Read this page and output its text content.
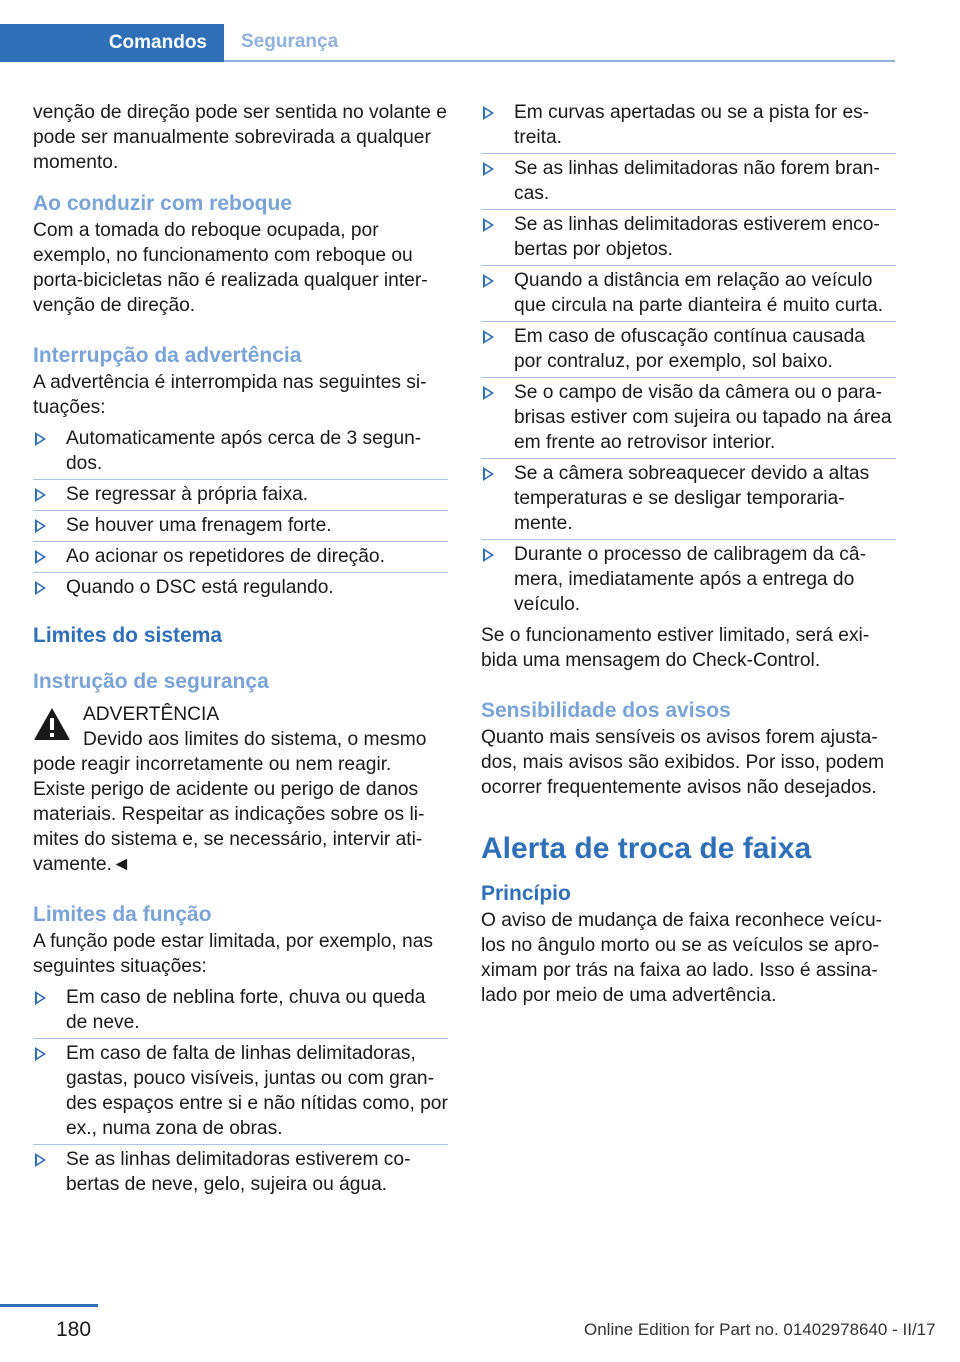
Comandos	Segurança

venção de direção pode ser sentida no volante e pode ser manualmente sobrevirada a qualquer momento.

Ao conduzir com reboque

Com a tomada do reboque ocupada, por exemplo, no funcionamento com reboque ou porta-bicicletas não é realizada qualquer intervenção de direção.

Interrupção da advertência

A advertência é interrompida nas seguintes situações:

Automaticamente após cerca de 3 segundos.
Se regressar à própria faixa.
Se houver uma frenagem forte.
Ao acionar os repetidores de direção.
Quando o DSC está regulando.
Limites do sistema
Instrução de segurança

ADVERTÊNCIA

Devido aos limites do sistema, o mesmo

pode reagir incorretamente ou nem reagir. Existe perigo de acidente ou perigo de danos materiais. Respeitar as indicações sobre os limites do sistema e, se necessário, intervir ativamente.◄

Limites da função

A função pode estar limitada, por exemplo, nas seguintes situações:

Em caso de neblina forte, chuva ou queda de neve.
Em caso de falta de linhas delimitadoras, gastas, pouco visíveis, juntas ou com grandes espaços entre si e não nítidas como, por ex., numa zona de obras.
Se as linhas delimitadoras estiverem cobertas de neve, gelo, sujeira ou água.
Em curvas apertadas ou se a pista for estreita.
Se as linhas delimitadoras não forem brancas.
Se as linhas delimitadoras estiverem encobertas por objetos.
Quando a distância em relação ao veículo que circula na parte dianteira é muito curta.
Em caso de ofuscação contínua causada por contraluz, por exemplo, sol baixo.
Se o campo de visão da câmera ou o para-brisas estiver com sujeira ou tapado na área em frente ao retrovisor interior.
Se a câmera sobreaquecer devido a altas temperaturas e se desligar temporariamente.
Durante o processo de calibragem da câmera, imediatamente após a entrega do veículo.

Se o funcionamento estiver limitado, será exibida uma mensagem do Check-Control.

Sensibilidade dos avisos

Quanto mais sensíveis os avisos forem ajustados, mais avisos são exibidos. Por isso, podem ocorrer frequentemente avisos não desejados.

Alerta de troca de faixa
Princípio

O aviso de mudança de faixa reconhece veículos no ângulo morto ou se as veículos se aproximam por trás na faixa ao lado. Isso é assinalado por meio de uma advertência.

180	Online Edition for Part no. 01402978640 - II/17
